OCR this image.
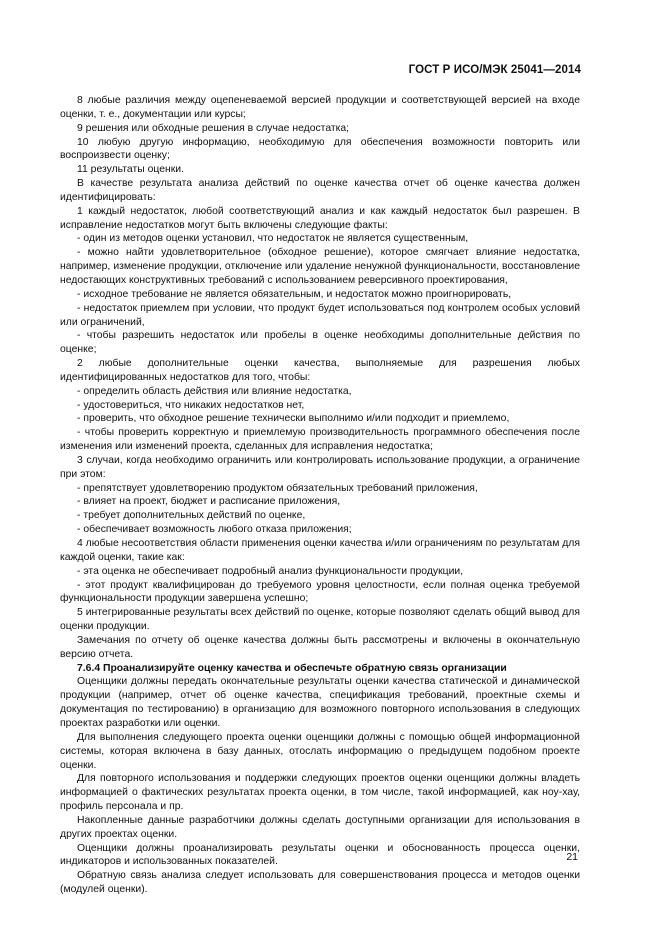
ГОСТ Р ИСО/МЭК 25041—2014

8 любые различия между оцепеневаемой версией продукции и соответствующей версией на входе оценки, т. е., документации или курсы;

9 решения или обходные решения в случае недостатка;

10 любую другую информацию, необходимую для обеспечения возможности повторить или воспроизвести оценку;

11 результаты оценки.

В качестве результата анализа действий по оценке качества отчет об оценке качества должен идентифицировать:

1 каждый недостаток, любой соответствующий анализ и как каждый недостаток был разрешен. В исправление недостатков могут быть включены следующие факты:

- один из методов оценки установил, что недостаток не является существенным,

- можно найти удовлетворительное (обходное решение), которое смягчает влияние недостатка, например, изменение продукции, отключение или удаление ненужной функциональности, восстановление недостающих конструктивных требований с использованием реверсивного проектирования,

- исходное требование не является обязательным, и недостаток можно проигнорировать,

- недостаток приемлем при условии, что продукт будет использоваться под контролем особых условий или ограничений,

- чтобы разрешить недостаток или пробелы в оценке необходимы дополнительные действия по оценке;

2 любые дополнительные оценки качества, выполняемые для разрешения любых идентифицированных недостатков для того, чтобы:

- определить область действия или влияние недостатка,

- удостовериться, что никаких недостатков нет,

- проверить, что обходное решение технически выполнимо и/или подходит и приемлемо,

- чтобы проверить корректную и приемлемую производительность программного обеспечения после изменения или изменений проекта, сделанных для исправления недостатка;

3 случаи, когда необходимо ограничить или контролировать использование продукции, а ограничение при этом:

- препятствует удовлетворению продуктом обязательных требований приложения,

- влияет на проект, бюджет и расписание приложения,

- требует дополнительных действий по оценке,

- обеспечивает возможность любого отказа приложения;

4 любые несоответствия области применения оценки качества и/или ограничениям по результатам для каждой оценки, такие как:

- эта оценка не обеспечивает подробный анализ функциональности продукции,

- этот продукт квалифицирован до требуемого уровня целостности, если полная оценка требуемой функциональности продукции завершена успешно;

5 интегрированные результаты всех действий по оценке, которые позволяют сделать общий вывод для оценки продукции.

Замечания по отчету об оценке качества должны быть рассмотрены и включены в окончательную версию отчета.

7.6.4 Проанализируйте оценку качества и обеспечьте обратную связь организации

Оценщики должны передать окончательные результаты оценки качества статической и динамической продукции (например, отчет об оценке качества, спецификация требований, проектные схемы и документация по тестированию) в организацию для возможного повторного использования в следующих проектах разработки или оценки.

Для выполнения следующего проекта оценки оценщики должны с помощью общей информационной системы, которая включена в базу данных, отослать информацию о предыдущем подобном проекте оценки.

Для повторного использования и поддержки следующих проектов оценки оценщики должны владеть информацией о фактических результатах проекта оценки, в том числе, такой информацией, как ноу-хау, профиль персонала и пр.

Накопленные данные разработчики должны сделать доступными организации для использования в других проектах оценки.

Оценщики должны проанализировать результаты оценки и обоснованность процесса оценки, индикаторов и использованных показателей.

Обратную связь анализа следует использовать для совершенствования процесса и методов оценки (модулей оценки).

21
